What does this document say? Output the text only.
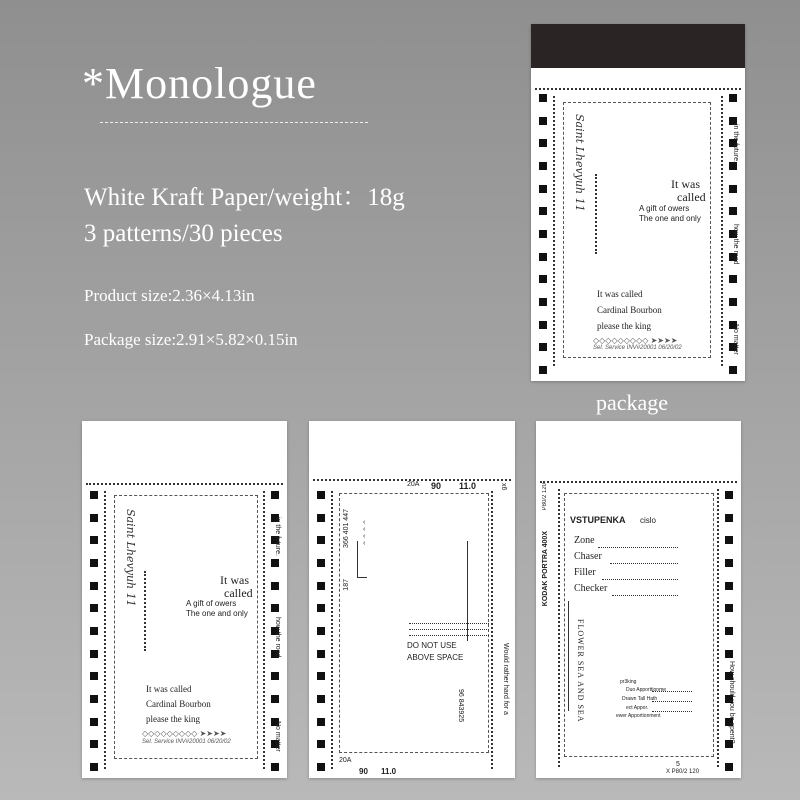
*Monologue
White Kraft Paper/weight：18g
3 patterns/30 pieces
Product size:2.36×4.13in
Package size:2.91×5.82×0.15in
Saint Lhevyuh 11	It was
called
A gift of owers
The one and only
It was called
Cardinal Bourbon
please the king
◇◇◇◇◇◇◇◇◇ ➤➤➤➤
Sel. Service INV#20001 06/20/02
in the future.
how the road
No matter
package
Saint Lhevyuh 11	It was
called
A gift of owers
The one and only
It was called
Cardinal Bourbon
please the king
◇◇◇◇◇◇◇◇◇ ➤➤➤➤
Sel. Service INV#20001 06/20/02
in the future.
how the road
No matter
20A 90 11.0	x6
366 401 447 ‹
‹
‹
‹
187
DO NOT USE
ABOVE SPACE
96 843925	Would rather hard for a
20A
90 11.0
KODAK PORTRA 400X
P80/2 120
VSTUPENKA cislo
Zone
Chaser
Filler
Checker
FLOWER SEA AND SEA	pr3king
Duo Apporttionme
Drawn Tall Hath
ect Appor.
ewer Apportionment
5
X P80/2 120
How should you be spent?
